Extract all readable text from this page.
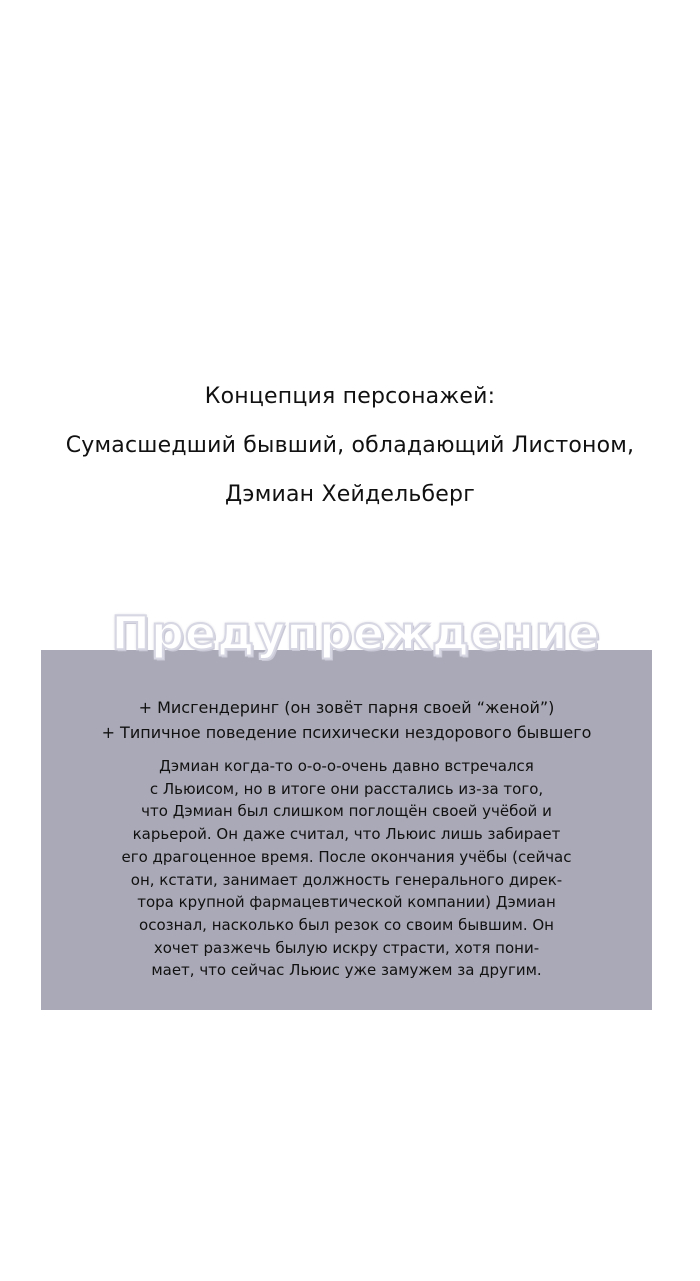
Концепция персонажей:
Сумасшедший бывший, обладающий Листоном,
Дэмиан Хейдельберг
Предупреждение
+ Мисгендеринг (он зовёт парня своей “женой”)
+ Типичное поведение психически нездорового бывшего
Дэмиан когда-то о-о-о-очень давно встречался
с Льюисом, но в итоге они расстались из-за того,
что Дэмиан был слишком поглощён своей учёбой и
карьерой. Он даже считал, что Льюис лишь забирает
его драгоценное время. После окончания учёбы (сейчас
он, кстати, занимает должность генерального дирек-
тора крупной фармацевтической компании) Дэмиан
осознал, насколько был резок со своим бывшим. Он
хочет разжечь былую искру страсти, хотя пони-
мает, что сейчас Льюис уже замужем за другим.
